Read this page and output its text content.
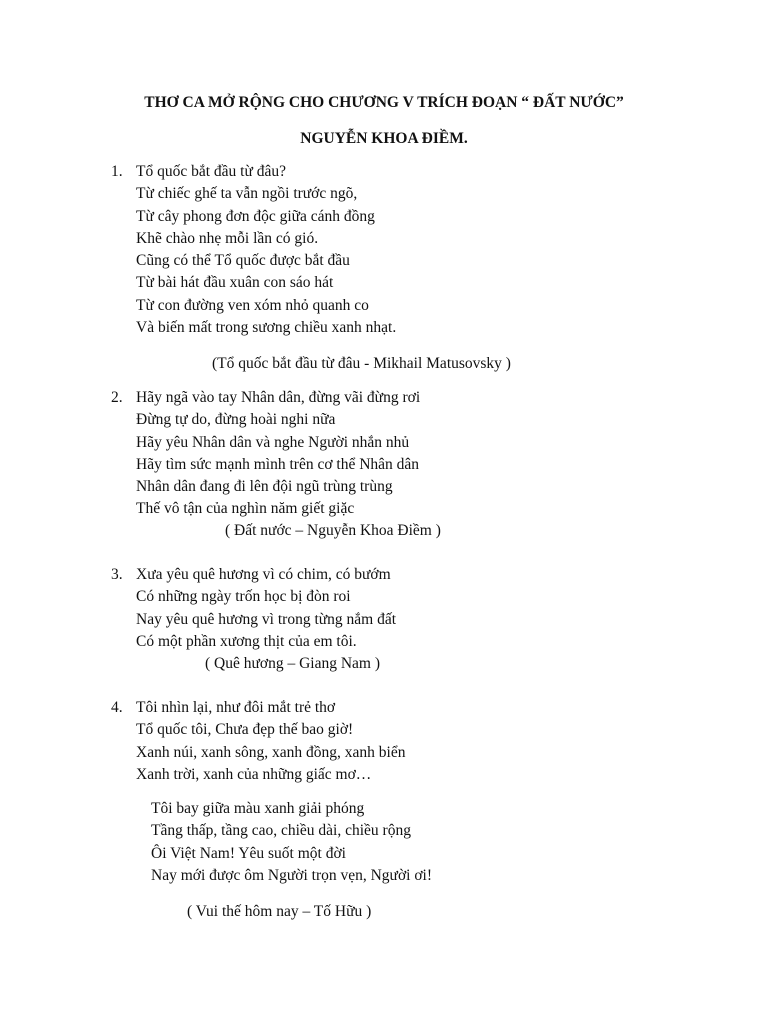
THƠ CA MỞ RỘNG CHO CHƯƠNG V TRÍCH ĐOẠN “ ĐẤT NƯỚC”
NGUYỄN KHOA ĐIỀM.
1. Tổ quốc bắt đầu từ đâu?
Từ chiếc ghế ta vẫn ngồi trước ngõ,
Từ cây phong đơn độc giữa cánh đồng
Khẽ chào nhẹ mỗi lần có gió.
Cũng có thể Tổ quốc được bắt đầu
Từ bài hát đầu xuân con sáo hát
Từ con đường ven xóm nhỏ quanh co
Và biến mất trong sương chiều xanh nhạt.
(Tổ quốc bắt đầu từ đâu - Mikhail Matusovsky )
2. Hãy ngã vào tay Nhân dân, đừng vãi đừng rơi
Đừng tự do, đừng hoài nghi nữa
Hãy yêu Nhân dân và nghe Người nhắn nhủ
Hãy tìm sức mạnh mình trên cơ thể Nhân dân
Nhân dân đang đi lên đội ngũ trùng trùng
Thế vô tận của nghìn năm giết giặc
( Đất nước – Nguyễn Khoa Điềm )
3. Xưa yêu quê hương vì có chim, có bướm
Có những ngày trốn học bị đòn roi
Nay yêu quê hương vì trong từng nắm đất
Có một phần xương thịt của em tôi.
( Quê hương – Giang Nam )
4. Tôi nhìn lại, như đôi mắt trẻ thơ
Tổ quốc tôi, Chưa đẹp thế bao giờ!
Xanh núi, xanh sông, xanh đồng, xanh biển
Xanh trời, xanh của những giấc mơ…
Tôi bay giữa màu xanh giải phóng
Tầng thấp, tầng cao, chiều dài, chiều rộng
Ôi Việt Nam! Yêu suốt một đời
Nay mới được ôm Người trọn vẹn, Người ơi!
( Vui thế hôm nay – Tố Hữu )
